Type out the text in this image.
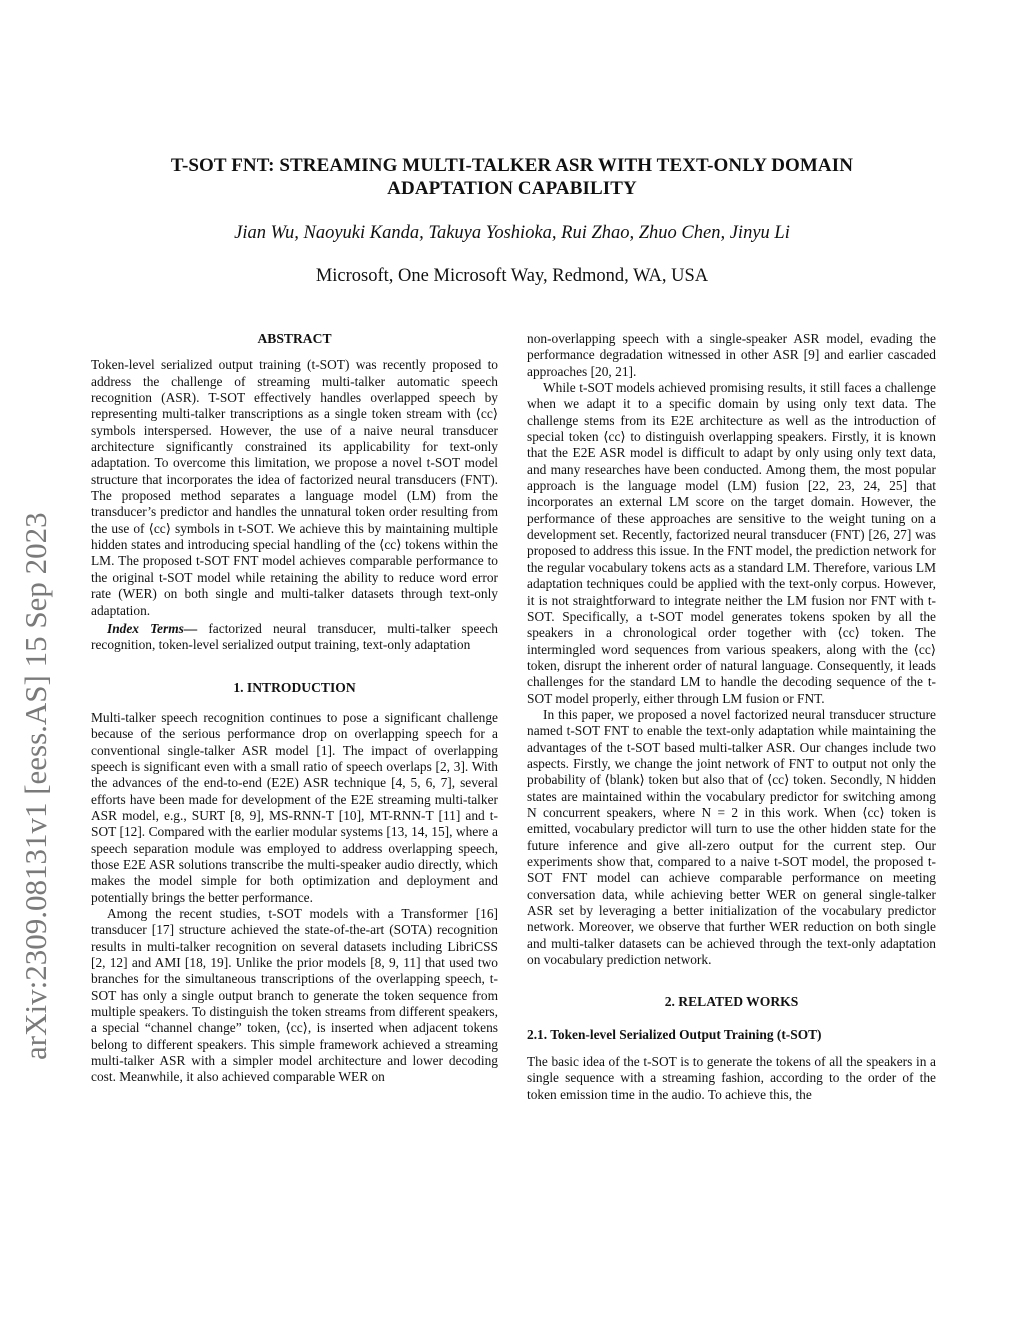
arXiv:2309.08131v1 [eess.AS] 15 Sep 2023
T-SOT FNT: STREAMING MULTI-TALKER ASR WITH TEXT-ONLY DOMAIN
ADAPTATION CAPABILITY
Jian Wu, Naoyuki Kanda, Takuya Yoshioka, Rui Zhao, Zhuo Chen, Jinyu Li
Microsoft, One Microsoft Way, Redmond, WA, USA
ABSTRACT

Token-level serialized output training (t-SOT) was recently proposed to address the challenge of streaming multi-talker automatic speech recognition (ASR). T-SOT effectively handles overlapped speech by representing multi-talker transcriptions as a single token stream with ⟨cc⟩ symbols interspersed. However, the use of a naive neural transducer architecture significantly constrained its applicability for text-only adaptation. To overcome this limitation, we propose a novel t-SOT model structure that incorporates the idea of factorized neural transducers (FNT). The proposed method separates a language model (LM) from the transducer’s predictor and handles the unnatural token order resulting from the use of ⟨cc⟩ symbols in t-SOT. We achieve this by maintaining multiple hidden states and introducing special handling of the ⟨cc⟩ tokens within the LM. The proposed t-SOT FNT model achieves comparable performance to the original t-SOT model while retaining the ability to reduce word error rate (WER) on both single and multi-talker datasets through text-only adaptation.

Index Terms— factorized neural transducer, multi-talker speech recognition, token-level serialized output training, text-only adaptation

1. INTRODUCTION

Multi-talker speech recognition continues to pose a significant challenge because of the serious performance drop on overlapping speech for a conventional single-talker ASR model [1]. The impact of overlapping speech is significant even with a small ratio of speech overlaps [2, 3]. With the advances of the end-to-end (E2E) ASR technique [4, 5, 6, 7], several efforts have been made for development of the E2E streaming multi-talker ASR model, e.g., SURT [8, 9], MS-RNN-T [10], MT-RNN-T [11] and t-SOT [12]. Compared with the earlier modular systems [13, 14, 15], where a speech separation module was employed to address overlapping speech, those E2E ASR solutions transcribe the multi-speaker audio directly, which makes the model simple for both optimization and deployment and potentially brings the better performance.

Among the recent studies, t-SOT models with a Transformer [16] transducer [17] structure achieved the state-of-the-art (SOTA) recognition results in multi-talker recognition on several datasets including LibriCSS [2, 12] and AMI [18, 19]. Unlike the prior models [8, 9, 11] that used two branches for the simultaneous transcriptions of the overlapping speech, t-SOT has only a single output branch to generate the token sequence from multiple speakers. To distinguish the token streams from different speakers, a special “channel change” token, ⟨cc⟩, is inserted when adjacent tokens belong to different speakers. This simple framework achieved a streaming multi-talker ASR with a simpler model architecture and lower decoding cost. Meanwhile, it also achieved comparable WER on

non-overlapping speech with a single-speaker ASR model, evading the performance degradation witnessed in other ASR [9] and earlier cascaded approaches [20, 21].

While t-SOT models achieved promising results, it still faces a challenge when we adapt it to a specific domain by using only text data. The challenge stems from its E2E architecture as well as the introduction of special token ⟨cc⟩ to distinguish overlapping speakers. Firstly, it is known that the E2E ASR model is difficult to adapt by only using only text data, and many researches have been conducted. Among them, the most popular approach is the language model (LM) fusion [22, 23, 24, 25] that incorporates an external LM score on the target domain. However, the performance of these approaches are sensitive to the weight tuning on a development set. Recently, factorized neural transducer (FNT) [26, 27] was proposed to address this issue. In the FNT model, the prediction network for the regular vocabulary tokens acts as a standard LM. Therefore, various LM adaptation techniques could be applied with the text-only corpus. However, it is not straightforward to integrate neither the LM fusion nor FNT with t-SOT. Specifically, a t-SOT model generates tokens spoken by all the speakers in a chronological order together with ⟨cc⟩ token. The intermingled word sequences from various speakers, along with the ⟨cc⟩ token, disrupt the inherent order of natural language. Consequently, it leads challenges for the standard LM to handle the decoding sequence of the t-SOT model properly, either through LM fusion or FNT.

In this paper, we proposed a novel factorized neural transducer structure named t-SOT FNT to enable the text-only adaptation while maintaining the advantages of the t-SOT based multi-talker ASR. Our changes include two aspects. Firstly, we change the joint network of FNT to output not only the probability of ⟨blank⟩ token but also that of ⟨cc⟩ token. Secondly, N hidden states are maintained within the vocabulary predictor for switching among N concurrent speakers, where N = 2 in this work. When ⟨cc⟩ token is emitted, vocabulary predictor will turn to use the other hidden state for the future inference and give all-zero output for the current step. Our experiments show that, compared to a naive t-SOT model, the proposed t-SOT FNT model can achieve comparable performance on meeting conversation data, while achieving better WER on general single-talker ASR set by leveraging a better initialization of the vocabulary predictor network. Moreover, we observe that further WER reduction on both single and multi-talker datasets can be achieved through the text-only adaptation on vocabulary prediction network.

2. RELATED WORKS
2.1. Token-level Serialized Output Training (t-SOT)

The basic idea of the t-SOT is to generate the tokens of all the speakers in a single sequence with a streaming fashion, according to the order of the token emission time in the audio. To achieve this, the
